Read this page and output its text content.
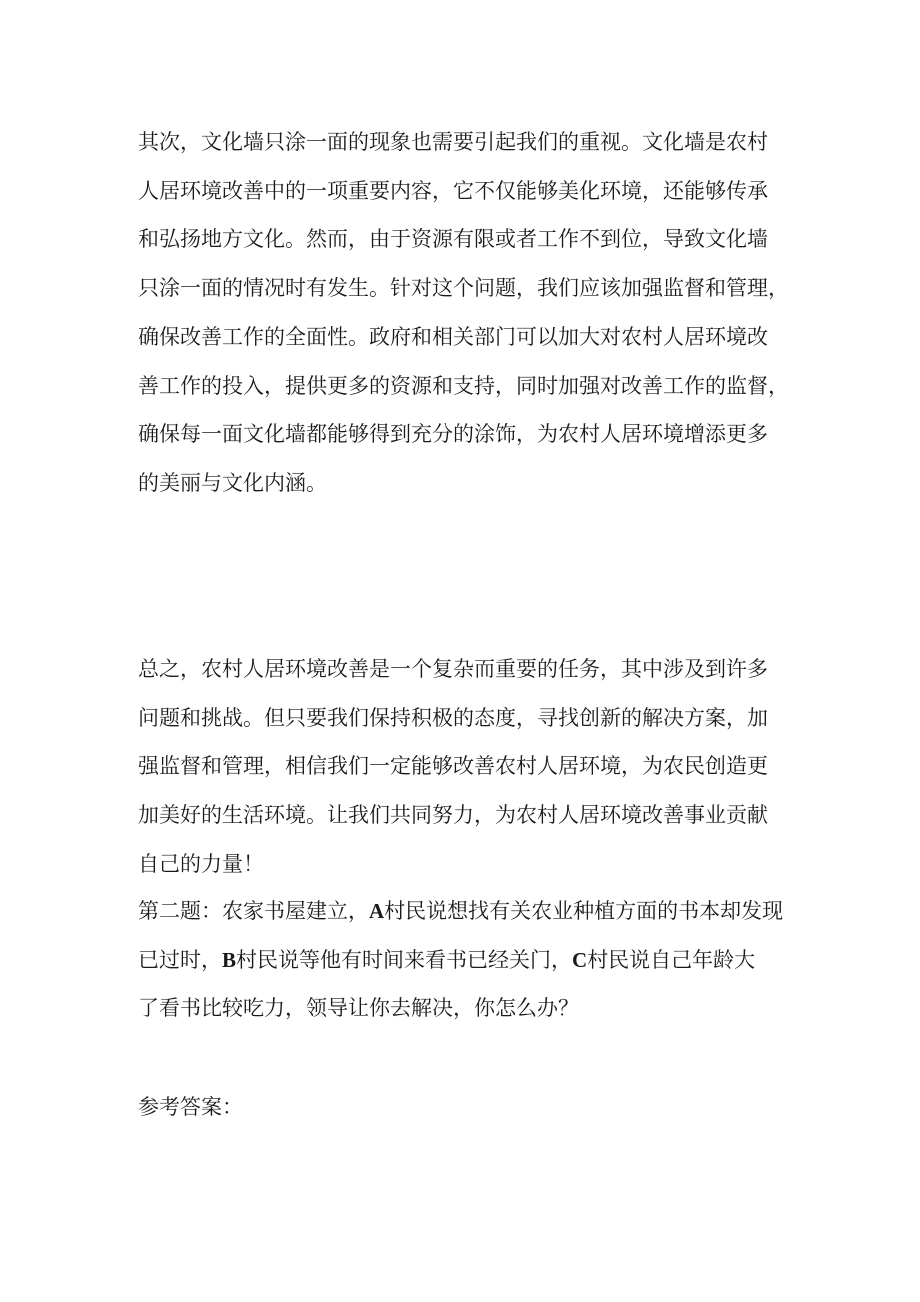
其次，文化墙只涂一面的现象也需要引起我们的重视。文化墙是农村
人居环境改善中的一项重要内容，它不仅能够美化环境，还能够传承
和弘扬地方文化。然而，由于资源有限或者工作不到位，导致文化墙
只涂一面的情况时有发生。针对这个问题，我们应该加强监督和管理，
确保改善工作的全面性。政府和相关部门可以加大对农村人居环境改
善工作的投入，提供更多的资源和支持，同时加强对改善工作的监督，
确保每一面文化墙都能够得到充分的涂饰，为农村人居环境增添更多
的美丽与文化内涵。

总之，农村人居环境改善是一个复杂而重要的任务，其中涉及到许多
问题和挑战。但只要我们保持积极的态度，寻找创新的解决方案，加
强监督和管理，相信我们一定能够改善农村人居环境，为农民创造更
加美好的生活环境。让我们共同努力，为农村人居环境改善事业贡献
自己的力量！

第二题：农家书屋建立，A村民说想找有关农业种植方面的书本却发现
已过时，B村民说等他有时间来看书已经关门，C村民说自己年龄大
了看书比较吃力，领导让你去解决，你怎么办？

参考答案：
